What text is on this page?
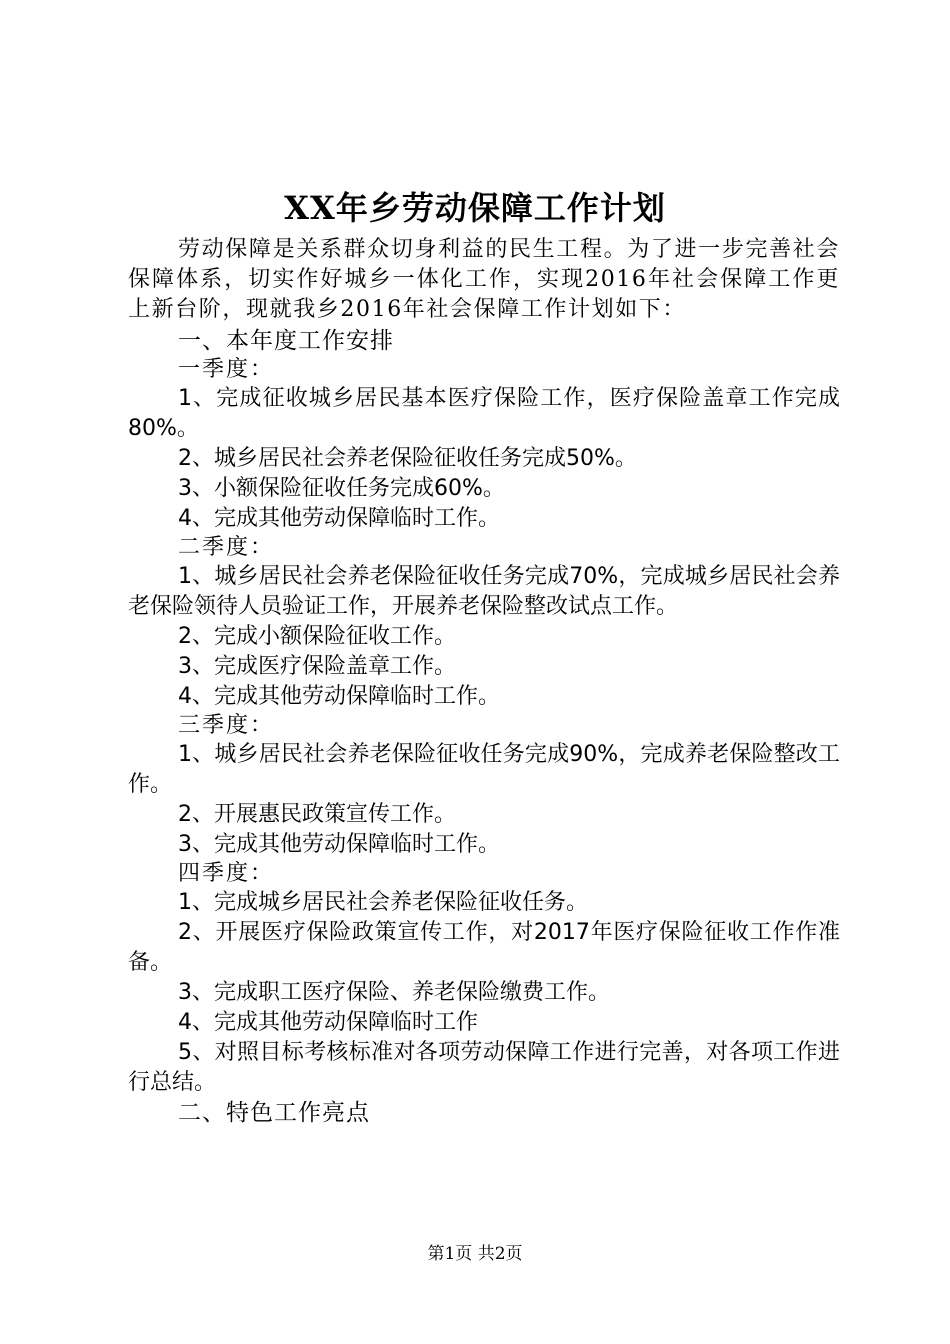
XX年乡劳动保障工作计划

劳动保障是关系群众切身利益的民生工程。为了进一步完善社会保障体系，切实作好城乡一体化工作，实现2016年社会保障工作更上新台阶，现就我乡2016年社会保障工作计划如下：

一、本年度工作安排

一季度：

1、完成征收城乡居民基本医疗保险工作，医疗保险盖章工作完成80%。

2、城乡居民社会养老保险征收任务完成50%。

3、小额保险征收任务完成60%。

4、完成其他劳动保障临时工作。

二季度：

1、城乡居民社会养老保险征收任务完成70%，完成城乡居民社会养老保险领待人员验证工作，开展养老保险整改试点工作。

2、完成小额保险征收工作。

3、完成医疗保险盖章工作。

4、完成其他劳动保障临时工作。

三季度：

1、城乡居民社会养老保险征收任务完成90%，完成养老保险整改工作。

2、开展惠民政策宣传工作。

3、完成其他劳动保障临时工作。

四季度：

1、完成城乡居民社会养老保险征收任务。

2、开展医疗保险政策宣传工作，对2017年医疗保险征收工作作准备。

3、完成职工医疗保险、养老保险缴费工作。

4、完成其他劳动保障临时工作

5、对照目标考核标准对各项劳动保障工作进行完善，对各项工作进行总结。

二、特色工作亮点

第1页 共2页
